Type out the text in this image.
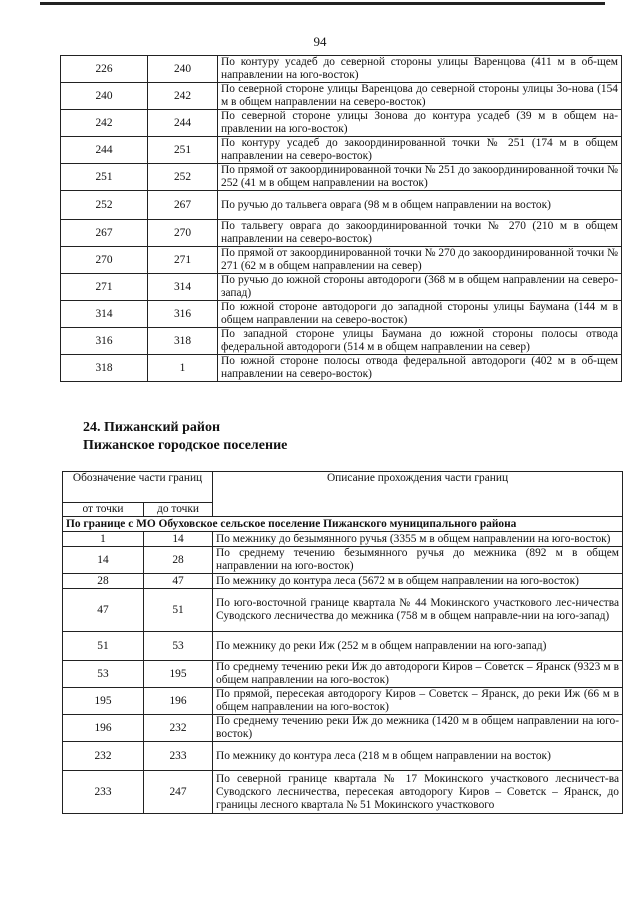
94
226	240	По контуру усадеб до северной стороны улицы Варенцова (411 м в об-щем направлении на юго-восток)
240	242	По северной стороне улицы Варенцова до северной стороны улицы Зо-нова (154 м в общем направлении на северо-восток)
242	244	По северной стороне улицы Зонова до контура усадеб (39 м в общем на-правлении на юго-восток)
244	251	По контуру усадеб до закоординированной точки № 251 (174 м в общем направлении на северо-восток)
251	252	По прямой от закоординированной точки № 251 до закоординированной точки № 252 (41 м в общем направлении на восток)
252	267	По ручью до тальвега оврага (98 м в общем направлении на восток)
267	270	По тальвегу оврага до закоординированной точки № 270 (210 м в общем направлении на северо-восток)
270	271	По прямой от закоординированной точки № 270 до закоординированной точки № 271 (62 м в общем направлении на север)
271	314	По ручью до южной стороны автодороги (368 м в общем направлении на северо-запад)
314	316	По южной стороне автодороги до западной стороны улицы Баумана (144 м в общем направлении на северо-восток)
316	318	По западной стороне улицы Баумана до южной стороны полосы отвода федеральной автодороги (514 м в общем направлении на север)
318	1	По южной стороне полосы отвода федеральной автодороги (402 м в об-щем направлении на северо-восток)
24. Пижанский район
Пижанское городское поселение
Обозначение части границ		Описание прохождения части границ
от точки	до точки	
По границе с МО Обуховское сельское поселение Пижанского муниципального района		
1	14	По межнику до безымянного ручья (3355 м в общем направлении на юго-восток)
14	28	По среднему течению безымянного ручья до межника (892 м в общем направлении на юго-восток)
28	47	По межнику до контура леса (5672 м в общем направлении на юго-восток)
47	51	По юго-восточной границе квартала № 44 Мокинского участкового лес-ничества Суводского лесничества до межника (758 м в общем направле-нии на юго-запад)
51	53	По межнику до реки Иж (252 м в общем направлении на юго-запад)
53	195	По среднему течению реки Иж до автодороги Киров – Советск – Яранск (9323 м в общем направлении на юго-восток)
195	196	По прямой, пересекая автодорогу Киров – Советск – Яранск, до реки Иж (66 м в общем направлении на юго-восток)
196	232	По среднему течению реки Иж до межника (1420 м в общем направлении на юго-восток)
232	233	По межнику до контура леса (218 м в общем направлении на восток)
233	247	По северной границе квартала № 17 Мокинского участкового лесничест-ва Суводского лесничества, пересекая автодорогу Киров – Советск – Яранск, до границы лесного квартала № 51 Мокинского участкового
